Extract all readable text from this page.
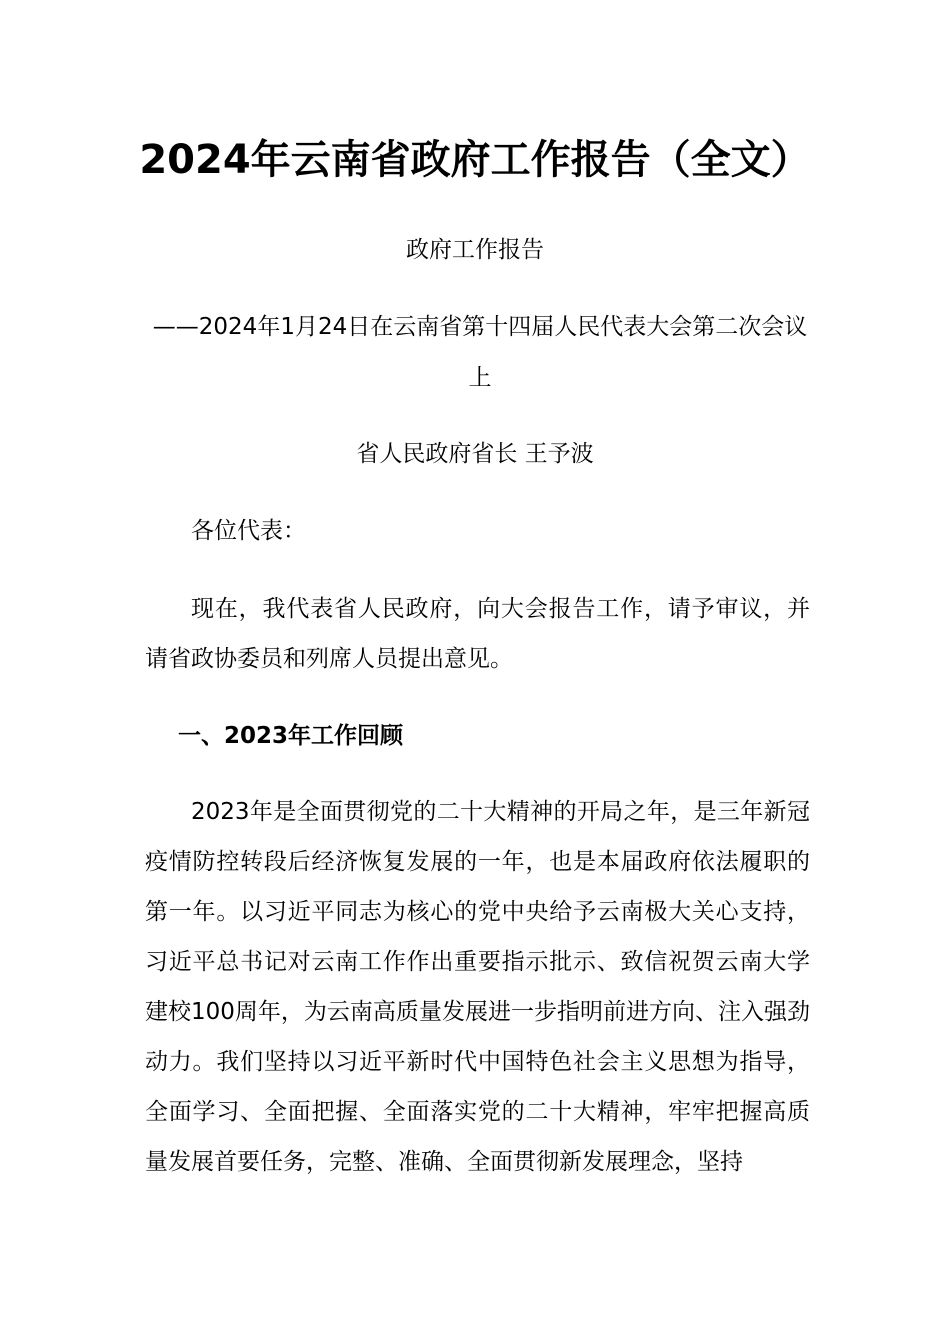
2024年云南省政府工作报告（全文）
政府工作报告
——2024年1月24日在云南省第十四届人民代表大会第二次会议上
省人民政府省长 王予波
各位代表：
现在，我代表省人民政府，向大会报告工作，请予审议，并请省政协委员和列席人员提出意见。
一、2023年工作回顾
2023年是全面贯彻党的二十大精神的开局之年，是三年新冠疫情防控转段后经济恢复发展的一年，也是本届政府依法履职的第一年。以习近平同志为核心的党中央给予云南极大关心支持，习近平总书记对云南工作作出重要指示批示、致信祝贺云南大学建校100周年，为云南高质量发展进一步指明前进方向、注入强劲动力。我们坚持以习近平新时代中国特色社会主义思想为指导，全面学习、全面把握、全面落实党的二十大精神，牢牢把握高质量发展首要任务，完整、准确、全面贯彻新发展理念，坚持
